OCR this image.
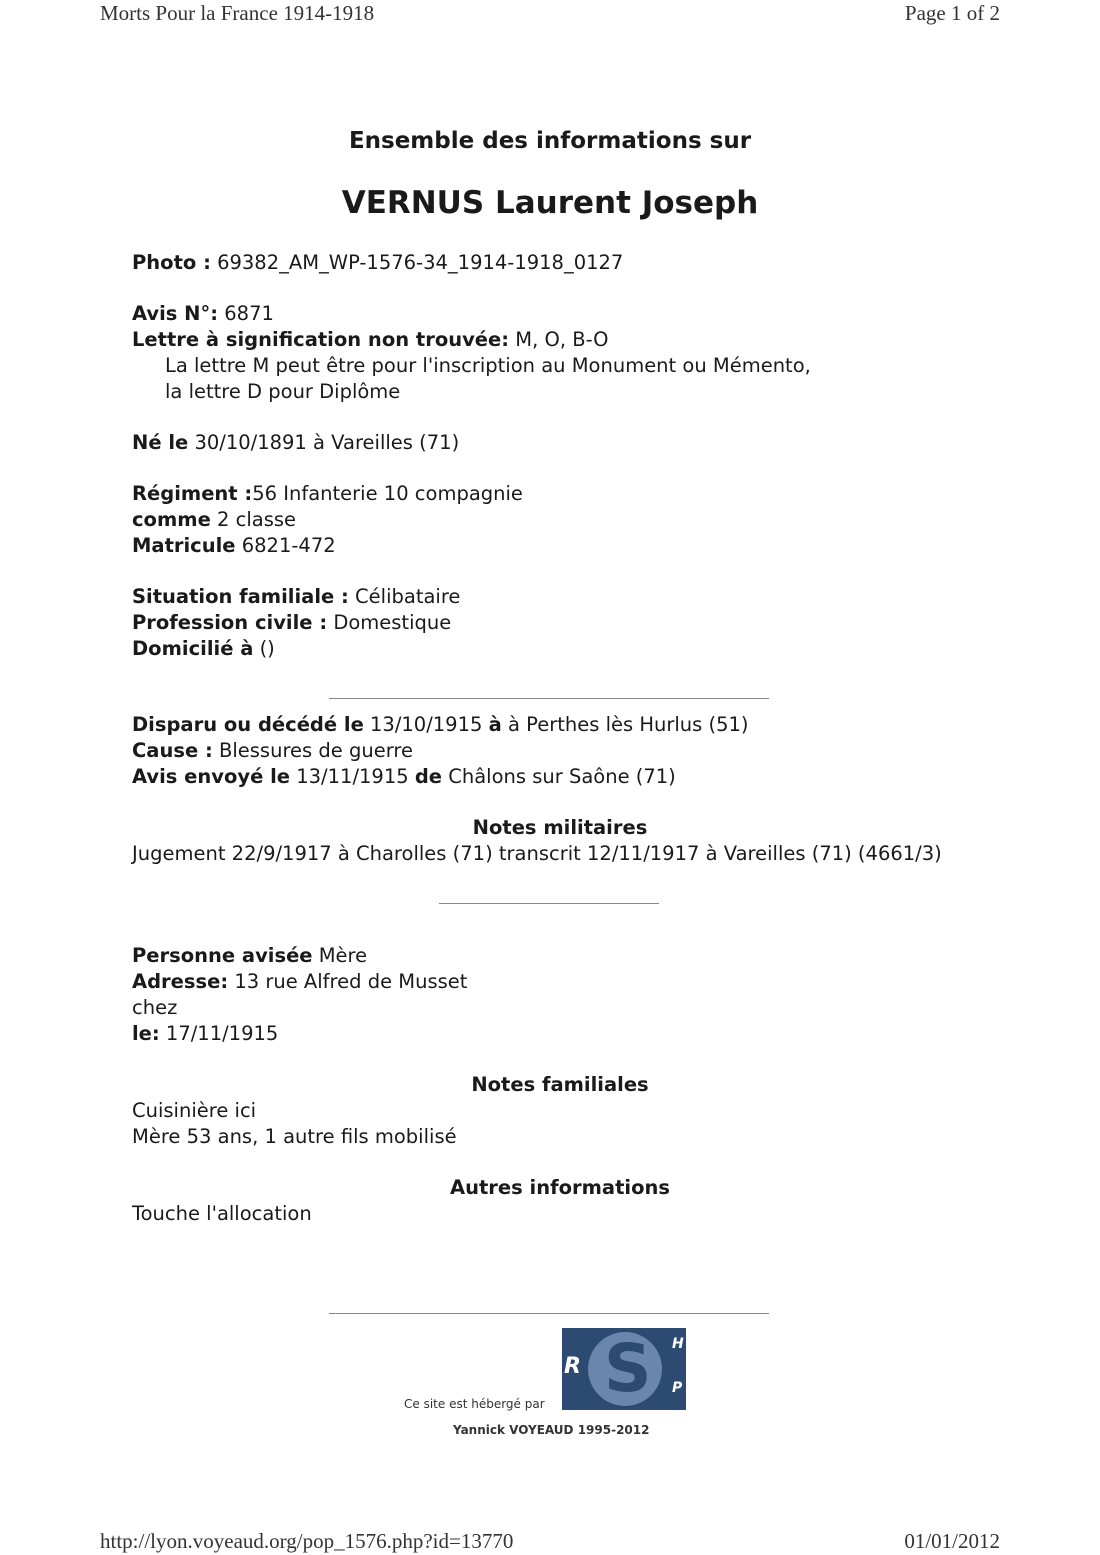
Morts Pour la France 1914-1918	Page 1 of 2
Ensemble des informations sur
VERNUS Laurent Joseph
Photo : 69382_AM_WP-1576-34_1914-1918_0127
Avis N°: 6871
Lettre à signification non trouvée: M, O, B-O
La lettre M peut être pour l'inscription au Monument ou Mémento,
la lettre D pour Diplôme
Né le 30/10/1891 à Vareilles (71)
Régiment :56 Infanterie 10 compagnie
comme 2 classe
Matricule 6821-472
Situation familiale : Célibataire
Profession civile : Domestique
Domicilié à ()
Disparu ou décédé le 13/10/1915 à à Perthes lès Hurlus (51)
Cause : Blessures de guerre
Avis envoyé le 13/11/1915 de Châlons sur Saône (71)
Jugement 22/9/1917 à Charolles (71) transcrit 12/11/1917 à Vareilles (71) (4661/3)
Personne avisée Mère
Adresse: 13 rue Alfred de Musset
chez
le: 17/11/1915
Cuisinière ici
Mère 53 ans, 1 autre fils mobilisé
Touche l'allocation
Notes militaires
Notes familiales
Autres informations
S
R
H
P
Ce site est hébergé par
Yannick VOYEAUD 1995-2012
http://lyon.voyeaud.org/pop_1576.php?id=13770	01/01/2012
